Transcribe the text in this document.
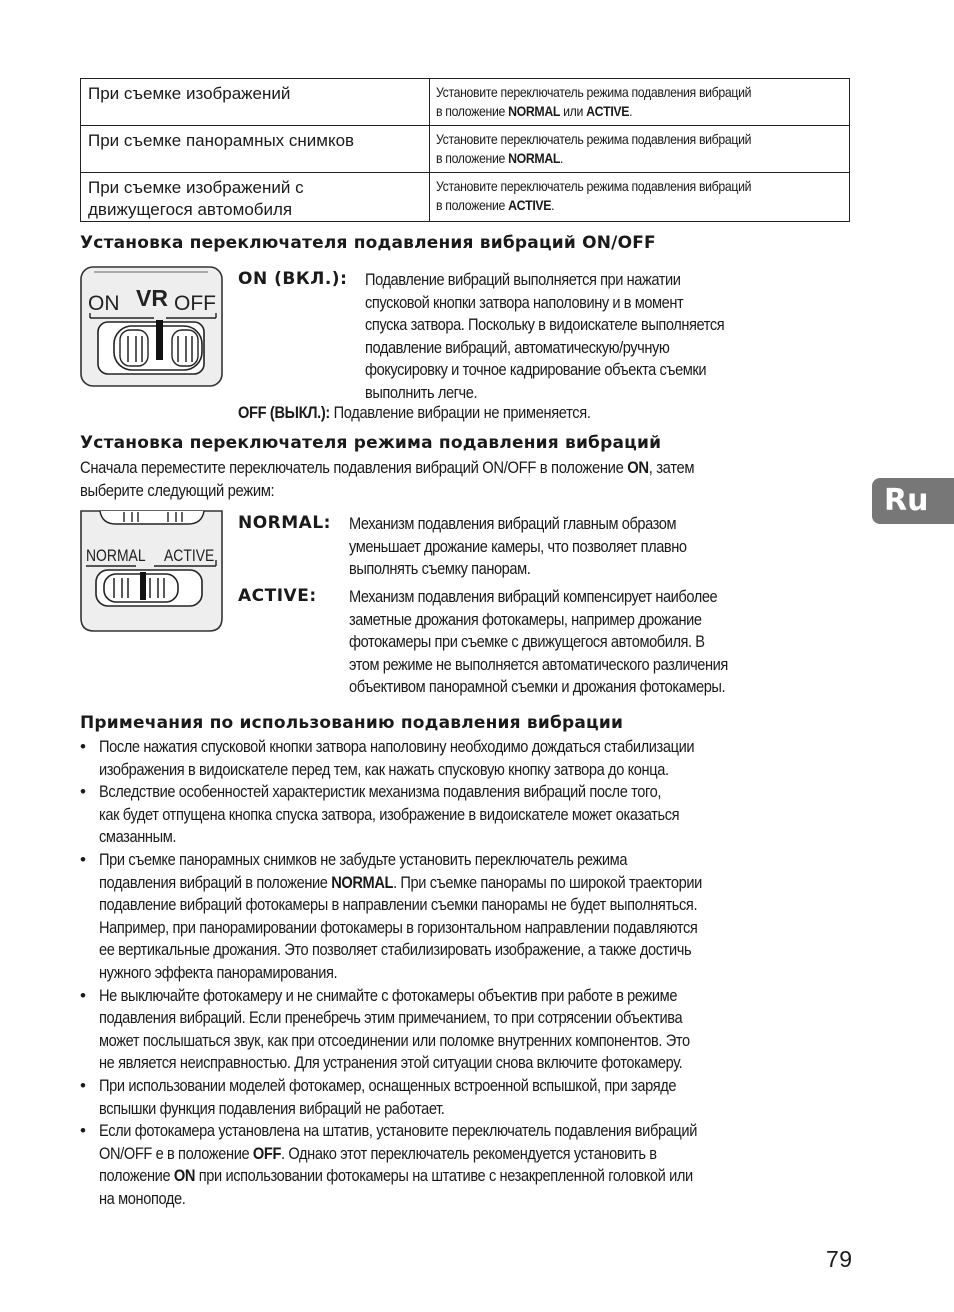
При съемке изображений	Установите переключатель режима подавления вибраций
в положение NORMAL или ACTIVE.
При съемке панорамных снимков	Установите переключатель режима подавления вибраций
в положение NORMAL.
При съемке изображений с
движущегося автомобиля	Установите переключатель режима подавления вибраций
в положение ACTIVE.
Установка переключателя подавления вибраций ON/OFF
ON VR OFF
ON (ВКЛ.): Подавление вибраций выполняется при нажатии
спусковой кнопки затвора наполовину и в момент
спуска затвора. Поскольку в видоискателе выполняется
подавление вибраций, автоматическую/ручную
фокусировку и точное кадрирование объекта съемки
выполнить легче.
OFF (ВЫКЛ.): Подавление вибрации не применяется.
Установка переключателя режима подавления вибраций
Сначала переместите переключатель подавления вибраций ON/OFF в положение ON, затем
выберите следующий режим:
NORMAL ACTIVE
NORMAL: Механизм подавления вибраций главным образом
уменьшает дрожание камеры, что позволяет плавно
выполнять съемку панорам.
ACTIVE: Механизм подавления вибраций компенсирует наиболее
заметные дрожания фотокамеры, например дрожание
фотокамеры при съемке с движущегося автомобиля. В
этом режиме не выполняется автоматического различения
объективом панорамной съемки и дрожания фотокамеры.
Примечания по использованию подавления вибрации
• После нажатия спусковой кнопки затвора наполовину необходимо дождаться стабилизации
изображения в видоискателе перед тем, как нажать спусковую кнопку затвора до конца.
• Вследствие особенностей характеристик механизма подавления вибраций после того,
как будет отпущена кнопка спуска затвора, изображение в видоискателе может оказаться
смазанным.
• При съемке панорамных снимков не забудьте установить переключатель режима
подавления вибраций в положение NORMAL. При съемке панорамы по широкой траектории
подавление вибраций фотокамеры в направлении съемки панорамы не будет выполняться.
Например, при панорамировании фотокамеры в горизонтальном направлении подавляются
ее вертикальные дрожания. Это позволяет стабилизировать изображение, а также достичь
нужного эффекта панорамирования.
• Не выключайте фотокамеру и не снимайте с фотокамеры объектив при работе в режиме
подавления вибраций. Если пренебречь этим примечанием, то при сотрясении объектива
может послышаться звук, как при отсоединении или поломке внутренних компонентов. Это
не является неисправностью. Для устранения этой ситуации снова включите фотокамеру.
• При использовании моделей фотокамер, оснащенных встроенной вспышкой, при заряде
вспышки функция подавления вибраций не работает.
• Если фотокамера установлена на штатив, установите переключатель подавления вибраций
ON/OFF е в положение OFF. Однако этот переключатель рекомендуется установить в
положение ON при использовании фотокамеры на штативе с незакрепленной головкой или
на моноподе.
Ru
79
